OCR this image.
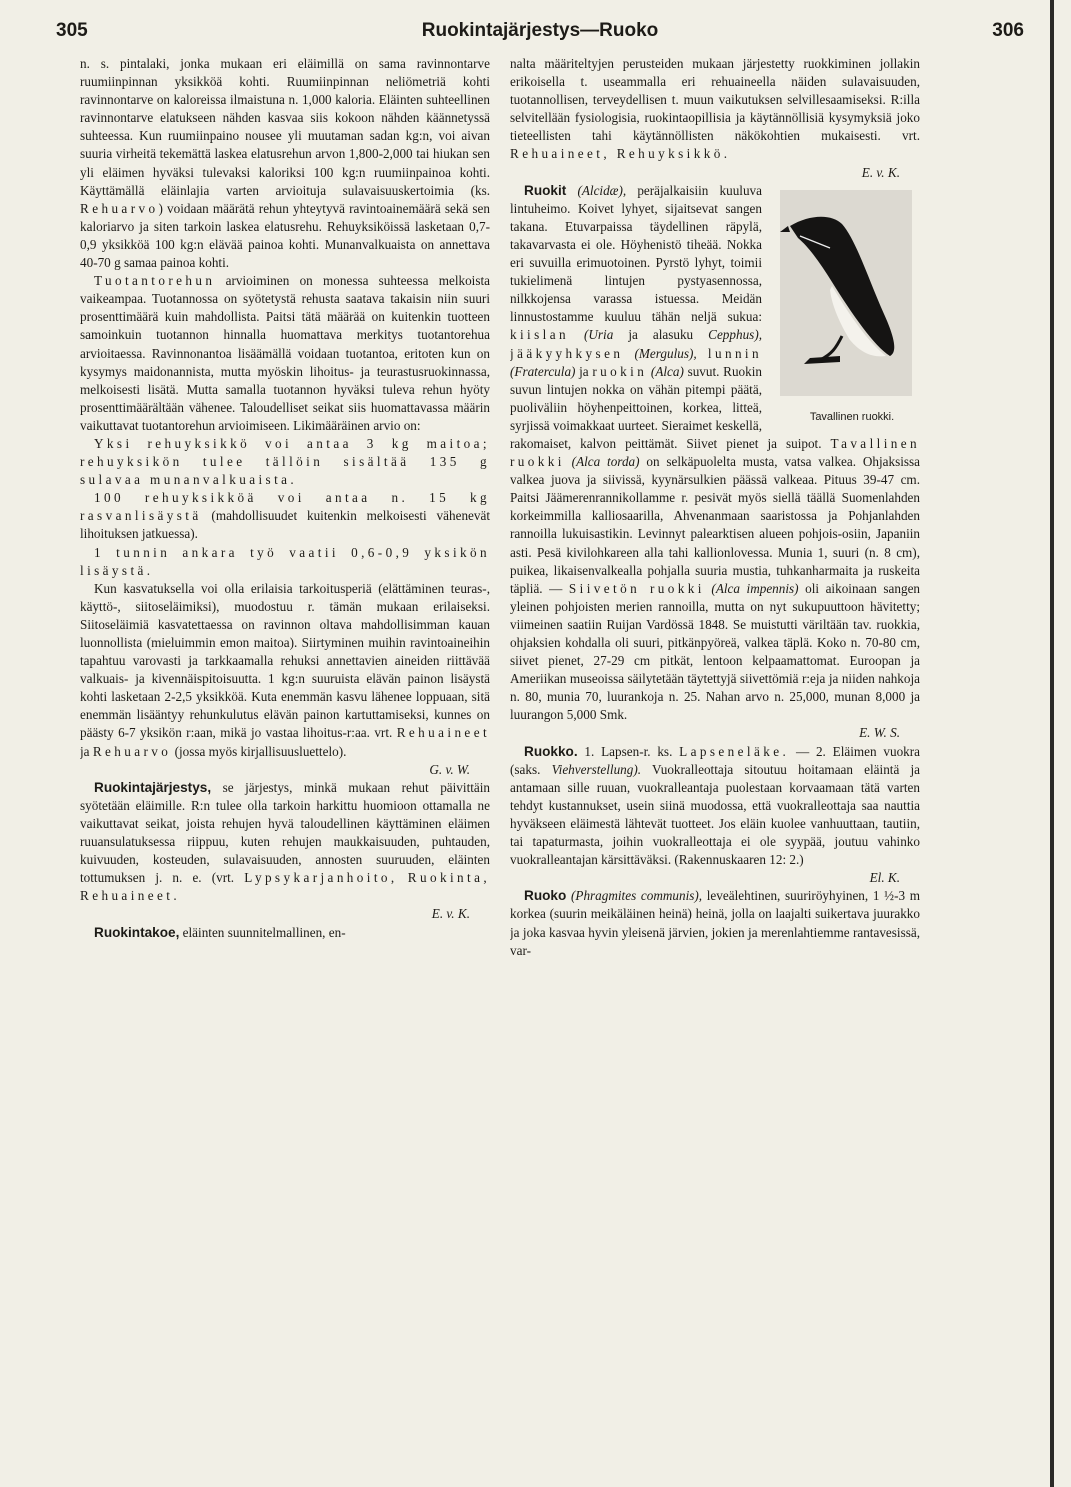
305	Ruokintajärjestys—Ruoko	306

n. s. pintalaki, jonka mukaan eri eläimillä on sama ravinnontarve ruumiinpinnan yksikköä kohti. Ruumiinpinnan neliömetriä kohti ravinnontarve on kaloreissa ilmaistuna n. 1,000 kaloria. Eläinten suhteellinen ravinnontarve elatukseen nähden kasvaa siis kokoon nähden käännetyssä suhteessa. Kun ruumiinpaino nousee yli muutaman sadan kg:n, voi aivan suuria virheitä tekemättä laskea elatusrehun arvon 1,800-2,000 tai hiukan sen yli eläimen hyväksi tulevaksi kaloriksi 100 kg:n ruumiinpainoa kohti. Käyttämällä eläinlajia varten arvioituja sulavaisuuskertoimia (ks. Rehuarvo) voidaan määrätä rehun yhteytyvä ravintoainemäärä sekä sen kaloriarvo ja siten tarkoin laskea elatusrehu. Rehuyksiköissä lasketaan 0,7-0,9 yksikköä 100 kg:n elävää painoa kohti. Munanvalkuaista on annettava 40-70 g samaa painoa kohti.

Tuotantorehun arvioiminen on monessa suhteessa melkoista vaikeampaa. Tuotannossa on syötetystä rehusta saatava takaisin niin suuri prosenttimäärä kuin mahdollista. Paitsi tätä määrää on kuitenkin tuotteen samoinkuin tuotannon hinnalla huomattava merkitys tuotantorehua arvioitaessa. Ravinnonantoa lisäämällä voidaan tuotantoa, eritoten kun on kysymys maidonannista, mutta myöskin lihoitus- ja teurastusruokinnassa, melkoisesti lisätä. Mutta samalla tuotannon hyväksi tuleva rehun hyöty prosenttimäärältään vähenee. Taloudelliset seikat siis huomattavassa määrin vaikuttavat tuotantorehun arvioimiseen. Likimääräinen arvio on:

Yksi rehuyksikkö voi antaa 3 kg maitoa; rehuyksikön tulee tällöin sisältää 135 g sulavaa munanvalkuaista.

100 rehuyksikköä voi antaa n. 15 kg rasvanlisäystä (mahdollisuudet kuitenkin melkoisesti vähenevät lihoituksen jatkuessa).

1 tunnin ankara työ vaatii 0,6-0,9 yksikön lisäystä.

Kun kasvatuksella voi olla erilaisia tarkoitusperiä (elättäminen teuras-, käyttö-, siitoseläimiksi), muodostuu r. tämän mukaan erilaiseksi. Siitoseläimiä kasvatettaessa on ravinnon oltava mahdollisimman kauan luonnollista (mieluimmin emon maitoa). Siirtyminen muihin ravintoaineihin tapahtuu varovasti ja tarkkaamalla rehuksi annettavien aineiden riittävää valkuais- ja kivennäispitoisuutta. 1 kg:n suuruista elävän painon lisäystä kohti lasketaan 2-2,5 yksikköä. Kuta enemmän kasvu lähenee loppuaan, sitä enemmän lisääntyy rehunkulutus elävän painon kartuttamiseksi, kunnes on päästy 6-7 yksikön r:aan, mikä jo vastaa lihoitus-r:aa. vrt. Rehuaineet ja Rehuarvo (jossa myös kirjallisuusluettelo).
G. v. W.

Ruokintajärjestys, se järjestys, minkä mukaan rehut päivittäin syötetään eläimille. R:n tulee olla tarkoin harkittu huomioon ottamalla ne vaikuttavat seikat, joista rehujen hyvä taloudellinen käyttäminen eläimen ruuansulatuksessa riippuu, kuten rehujen maukkaisuuden, puhtauden, kuivuuden, kosteuden, sulavaisuuden, annosten suuruuden, eläinten tottumuksen j. n. e. (vrt. Lypsykarjanhoito, Ruokinta, Rehuaineet.
E. v. K.

Ruokintakoe, eläinten suunnitelmallinen, en-

nalta määriteltyjen perusteiden mukaan järjestetty ruokkiminen jollakin erikoisella t. useammalla eri rehuaineella näiden sulavaisuuden, tuotannollisen, terveydellisen t. muun vaikutuksen selvillesaamiseksi. R:illa selvitellään fysiologisia, ruokintaopillisia ja käytännöllisiä kysymyksiä joko tieteellisten tahi käytännöllisten näkökohtien mukaisesti. vrt. Rehuaineet, Rehuyksikkö.
E. v. K.

Tavallinen ruokki.
Ruokit (Alcidæ), peräjalkaisiin kuuluva lintuheimo. Koivet lyhyet, sijaitsevat sangen takana. Etuvarpaissa täydellinen räpylä, takavarvasta ei ole. Höyhenistö tiheää. Nokka eri suvuilla erimuotoinen. Pyrstö lyhyt, toimii tukielimenä lintujen pystyasennossa, nilkkojensa varassa istuessa. Meidän linnustostamme kuuluu tähän neljä sukua: kiislan (Uria ja alasuku Cepphus), jääkyyhkysen (Mergulus), lunnin (Fratercula) ja ruokin (Alca) suvut. Ruokin suvun lintujen nokka on vähän pitempi päätä, puoliväliin höyhenpeittoinen, korkea, litteä, syrjissä voimakkaat uurteet. Sieraimet keskellä, rakomaiset, kalvon peittämät. Siivet pienet ja suipot. Tavallinen ruokki (Alca torda) on selkäpuolelta musta, vatsa valkea. Ohjaksissa valkea juova ja siivissä, kyynärsulkien päässä valkeaa. Pituus 39-47 cm. Paitsi Jäämerenrannikollamme r. pesivät myös siellä täällä Suomenlahden korkeimmilla kalliosaarilla, Ahvenanmaan saaristossa ja Pohjanlahden rannoilla lukuisastikin. Levinnyt palearktisen alueen pohjois-osiin, Japaniin asti. Pesä kivilohkareen alla tahi kallionlovessa. Munia 1, suuri (n. 8 cm), puikea, likaisenvalkealla pohjalla suuria mustia, tuhkanharmaita ja ruskeita täpliä. — Siivetön ruokki (Alca impennis) oli aikoinaan sangen yleinen pohjoisten merien rannoilla, mutta on nyt sukupuuttoon hävitetty; viimeinen saatiin Ruijan Vardössä 1848. Se muistutti väriltään tav. ruokkia, ohjaksien kohdalla oli suuri, pitkänpyöreä, valkea täplä. Koko n. 70-80 cm, siivet pienet, 27-29 cm pitkät, lentoon kelpaamattomat. Euroopan ja Ameriikan museoissa säilytetään täytettyjä siivettömiä r:eja ja niiden nahkoja n. 80, munia 70, luurankoja n. 25. Nahan arvo n. 25,000, munan 8,000 ja luurangon 5,000 Smk.
E. W. S.

Ruokko. 1. Lapsen-r. ks. Lapseneläke. — 2. Eläimen vuokra (saks. Viehverstellung). Vuokralleottaja sitoutuu hoitamaan eläintä ja antamaan sille ruuan, vuokralleantaja puolestaan korvaamaan tätä varten tehdyt kustannukset, usein siinä muodossa, että vuokralleottaja saa nauttia hyväkseen eläimestä lähtevät tuotteet. Jos eläin kuolee vanhuuttaan, tautiin, tai tapaturmasta, joihin vuokralleottaja ei ole syypää, joutuu vahinko vuokralleantajan kärsittäväksi. (Rakennuskaaren 12: 2.)
El. K.

Ruoko (Phragmites communis), leveälehtinen, suuriröyhyinen, 1 ½-3 m korkea (suurin meikäläinen heinä) heinä, jolla on laajalti suikertava juurakko ja joka kasvaa hyvin yleisenä järvien, jokien ja merenlahtiemme rantavesissä, var-
